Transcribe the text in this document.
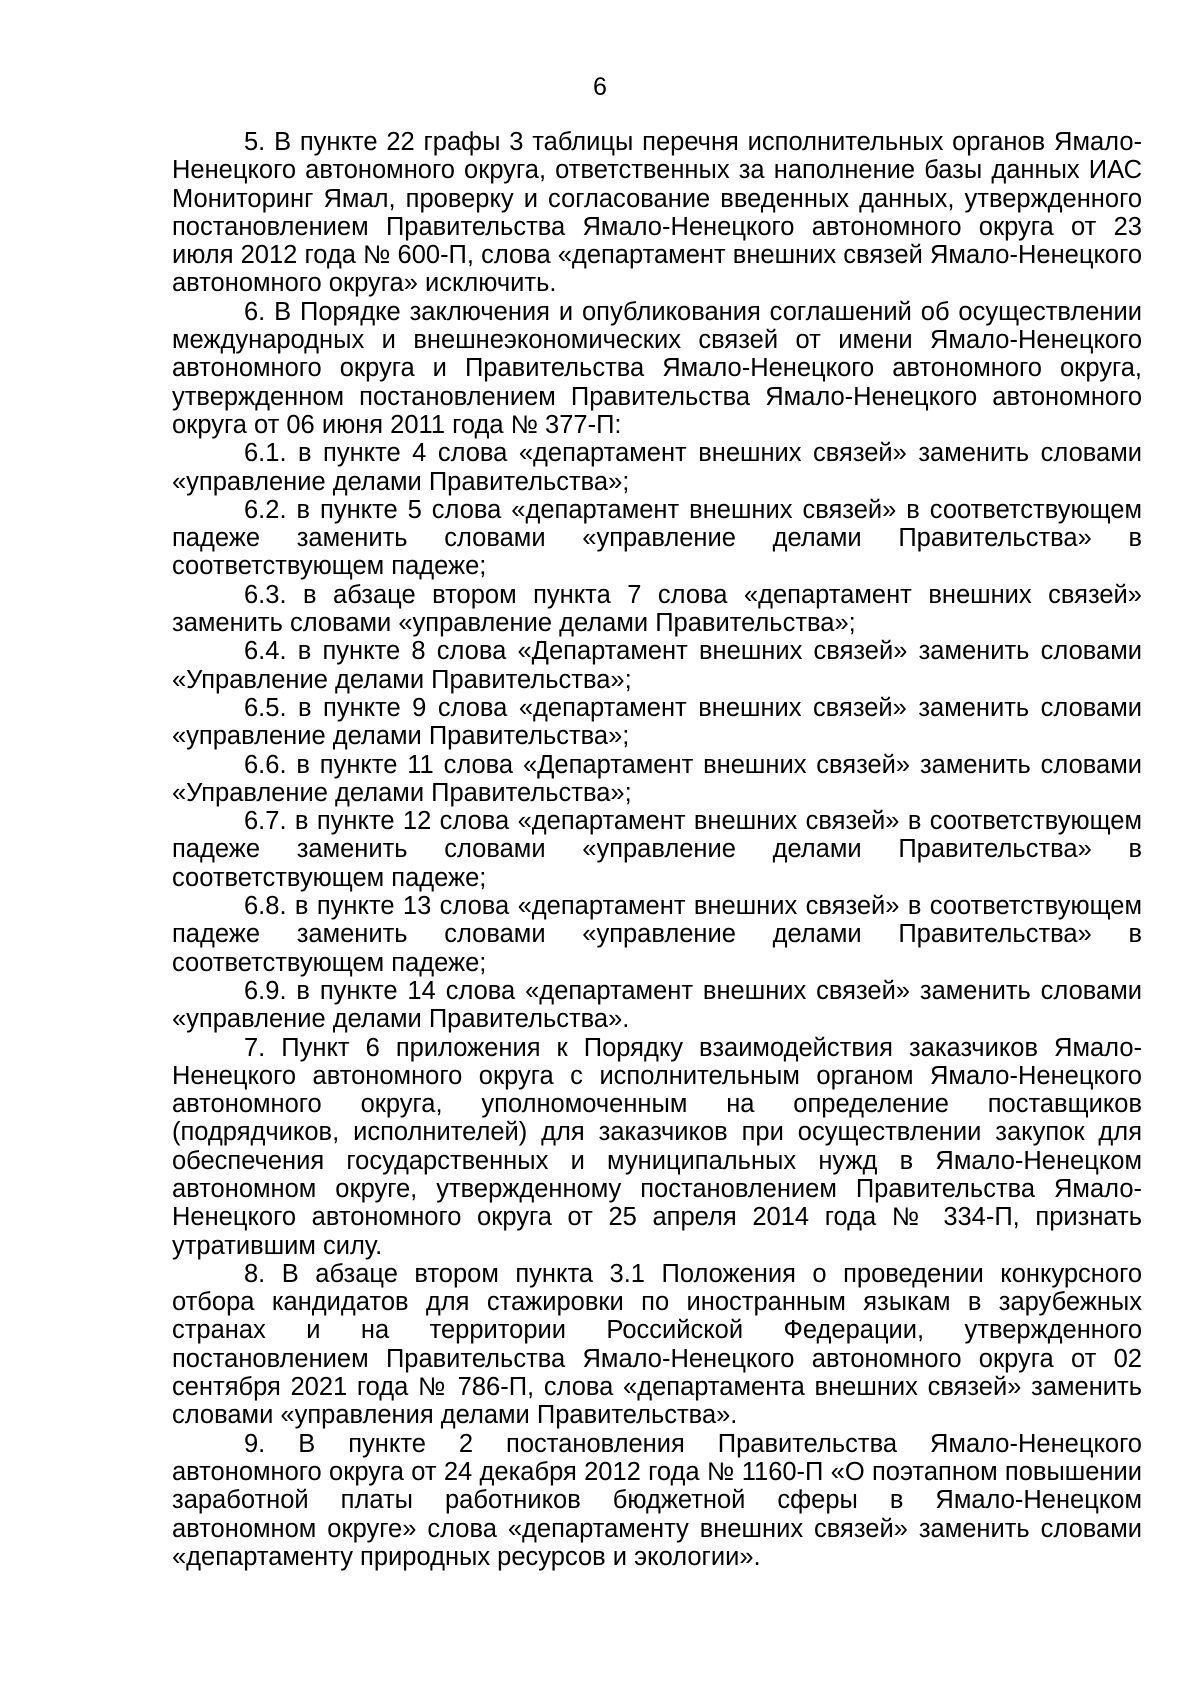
6

5. В пункте 22 графы 3 таблицы перечня исполнительных органов Ямало-Ненецкого автономного округа, ответственных за наполнение базы данных ИАС Мониторинг Ямал, проверку и согласование введенных данных, утвержденного постановлением Правительства Ямало-Ненецкого автономного округа от 23 июля 2012 года № 600-П, слова «департамент внешних связей Ямало-Ненецкого автономного округа» исключить.

6. В Порядке заключения и опубликования соглашений об осуществлении международных и внешнеэкономических связей от имени Ямало-Ненецкого автономного округа и Правительства Ямало-Ненецкого автономного округа, утвержденном постановлением Правительства Ямало-Ненецкого автономного округа от 06 июня 2011 года № 377-П:

6.1. в пункте 4 слова «департамент внешних связей» заменить словами «управление делами Правительства»;

6.2. в пункте 5 слова «департамент внешних связей» в соответствующем падеже заменить словами «управление делами Правительства» в соответствующем падеже;

6.3. в абзаце втором пункта 7 слова «департамент внешних связей» заменить словами «управление делами Правительства»;

6.4. в пункте 8 слова «Департамент внешних связей» заменить словами «Управление делами Правительства»;

6.5. в пункте 9 слова «департамент внешних связей» заменить словами «управление делами Правительства»;

6.6. в пункте 11 слова «Департамент внешних связей» заменить словами «Управление делами Правительства»;

6.7. в пункте 12 слова «департамент внешних связей» в соответствующем падеже заменить словами «управление делами Правительства» в соответствующем падеже;

6.8. в пункте 13 слова «департамент внешних связей» в соответствующем падеже заменить словами «управление делами Правительства» в соответствующем падеже;

6.9. в пункте 14 слова «департамент внешних связей» заменить словами «управление делами Правительства».

7. Пункт 6 приложения к Порядку взаимодействия заказчиков Ямало-Ненецкого автономного округа с исполнительным органом Ямало-Ненецкого автономного округа, уполномоченным на определение поставщиков (подрядчиков, исполнителей) для заказчиков при осуществлении закупок для обеспечения государственных и муниципальных нужд в Ямало-Ненецком автономном округе, утвержденному постановлением Правительства Ямало-Ненецкого автономного округа от 25 апреля 2014 года № 334-П, признать утратившим силу.

8. В абзаце втором пункта 3.1 Положения о проведении конкурсного отбора кандидатов для стажировки по иностранным языкам в зарубежных странах и на территории Российской Федерации, утвержденного постановлением Правительства Ямало-Ненецкого автономного округа от 02 сентября 2021 года № 786-П, слова «департамента внешних связей» заменить словами «управления делами Правительства».

9. В пункте 2 постановления Правительства Ямало-Ненецкого автономного округа от 24 декабря 2012 года № 1160-П «О поэтапном повышении заработной платы работников бюджетной сферы в Ямало-Ненецком автономном округе» слова «департаменту внешних связей» заменить словами «департаменту природных ресурсов и экологии».
